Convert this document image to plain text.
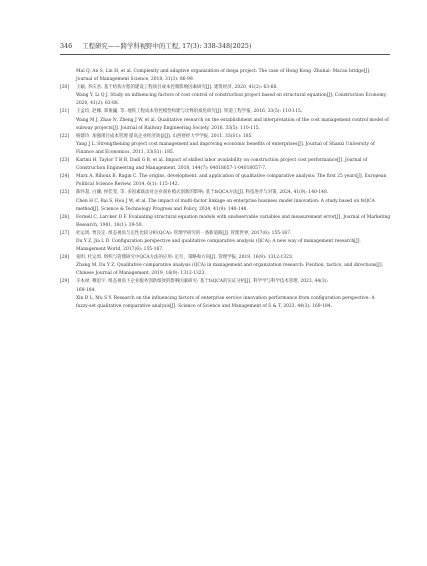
346 工程研究——跨学科视野中的工程, 17(3): 338-348(2025)
Mai Q, An S, Lin H, et al. Complexity and adaptive organization of mega project: The case of Hong Kong -Zhuhai- Macau bridge[J].
Journal of Management Science, 2018, 31(3): 86-99.
[20] 王颖, 李庆君. 基于结构方程的建设工程项目成本控制影响因素研究[J]. 建筑经济, 2020, 41(2): 63-68.
Wang Y, Li Q J. Study on influencing factors of cost control of construction project based on structural equation[J]. Construction Economy,
2020, 41(2): 63-68.
[21] 王孟均, 赵娜, 郑俊巍, 等. 地铁工程成本管控模型构建与诠释的质化研究[J]. 铁道工程学报, 2016, 33(5): 110-115.
Wang M J, Zhao N, Zheng J W, et al. Qualitative research on the establishment and interpretation of the cost management control model of
subway projects[J]. Journal of Railway Engineering Society, 2016, 33(5): 110-115.
[22] 杨建玲. 加强项目成本管理 提高企业经济效益[J]. 山西财经大学学报, 2011, 33(S1): 185.
Yang J L. Strengthening project cost management and improving economic benefits of enterprises[J]. Journal of Shanxi University of
Finance and Economics, 2011, 33(S1): 185.
[23] Karimi H, Taylor T R B, Dadi G B, et al. Impact of skilled labor availability on construction project cost performance[J]. Journal of
Construction Engineering and Management, 2018, 144(7): 04018057-1-04018057-7.
[24] Marx A, Rihoux B, Ragin C. The origins, development, and application of qualitative comparative analysis: The first 25 years[J]. European
Political Science Review, 2014, 6(1): 115-142.
[25] 陈怀超, 白骤, 侯佳雯, 等. 多因素联动对企业商业模式创新的影响: 基于fsQCA方法[J]. 科技进步与对策, 2024, 41(9): 140-148.
Chen H C, Bai S, Hou J W, et al. The impact of multi-factor linkage on enterprise business model innovation: A study based on fsQCA
method[J]. Science & Technology Progress and Policy, 2024, 41(9): 140-148.
[26] Fornell C, Larcker D F. Evaluating structural equation models with unobservable variables and measurement error[J]. Journal of Marketing
Research, 1981, 18(1): 39-50.
[27] 杜运周, 贾良定. 组态视角与定性比较分析(QCA): 管理学研究的一条新道路[J]. 管理世界, 2017(6): 155-167.
Du Y Z, Jia L D. Configuration perspective and qualitative comparative analysis (QCA): A new way of management research[J].
Management World, 2017(6): 155-167.
[28] 张明, 杜运周. 组织与管理研究中QCA方法的应用: 定位、策略和方向[J]. 管理学报, 2019, 16(9): 1312-1323.
Zhang M, Du Y Z. Qualitative comparative analysis (QCA) in management and organization research: Position, tactics, and directions[J].
Chinese Journal of Management, 2019, 16(9): 1312-1323.
[29] 辛本禄, 穆思宇. 组态视角下企业服务创新绩效的影响因素研究: 基于fsQCA的实证分析[J]. 科学学与科学技术管理, 2023, 44(3):
169-184.
Xin B L, Mu S Y. Research on the influencing factors of enterprise service innovation performance from configuration perspective: A
fuzzy-set qualitative comparative analysis[J]. Science of Science and Management of S & T, 2023, 44(3): 169-184.
